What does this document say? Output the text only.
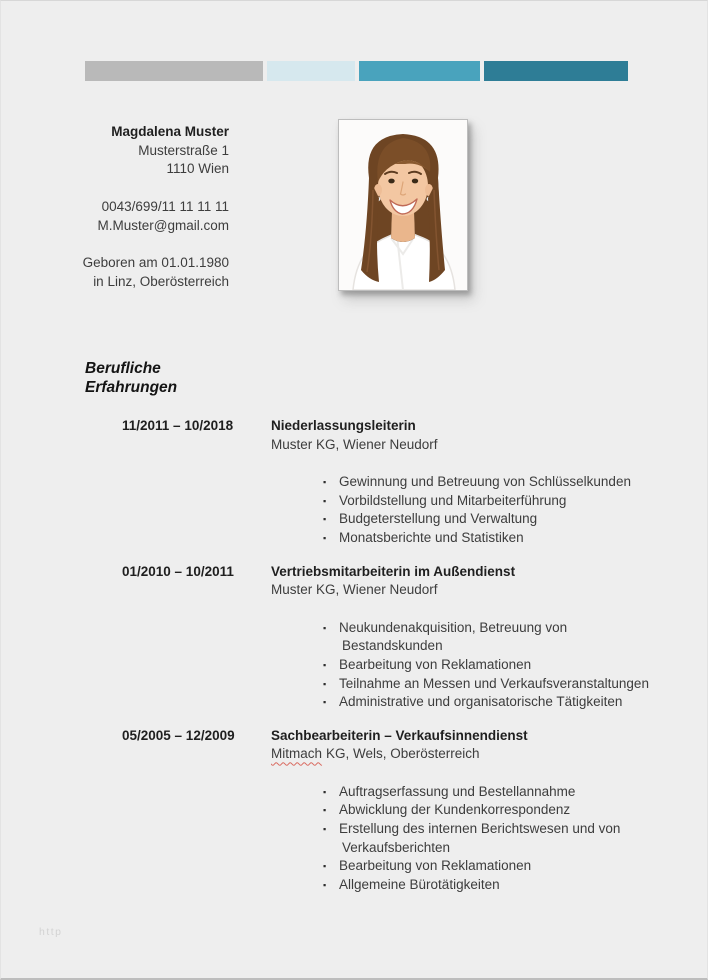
Magdalena Muster
Musterstraße 1
1110 Wien
0043/699/11 11 11 11
M.Muster@gmail.com
Geboren am 01.01.1980
in Linz, Oberösterreich
Berufliche
Erfahrungen
11/2011 – 10/2018	Niederlassungsleiterin
Muster KG, Wiener Neudorf
▪ Gewinnung und Betreuung von Schlüsselkunden
▪ Vorbildstellung und Mitarbeiterführung
▪ Budgeterstellung und Verwaltung
▪ Monatsberichte und Statistiken
01/2010 – 10/2011	Vertriebsmitarbeiterin im Außendienst
Muster KG, Wiener Neudorf
▪ Neukundenakquisition, Betreuung von
Bestandskunden
▪ Bearbeitung von Reklamationen
▪ Teilnahme an Messen und Verkaufsveranstaltungen
▪ Administrative und organisatorische Tätigkeiten
05/2005 – 12/2009	Sachbearbeiterin – Verkaufsinnendienst
Mitmach KG, Wels, Oberösterreich
▪ Auftragserfassung und Bestellannahme
▪ Abwicklung der Kundenkorrespondenz
▪ Erstellung des internen Berichtswesen und von
Verkaufsberichten
▪ Bearbeitung von Reklamationen
▪ Allgemeine Bürotätigkeiten
http
